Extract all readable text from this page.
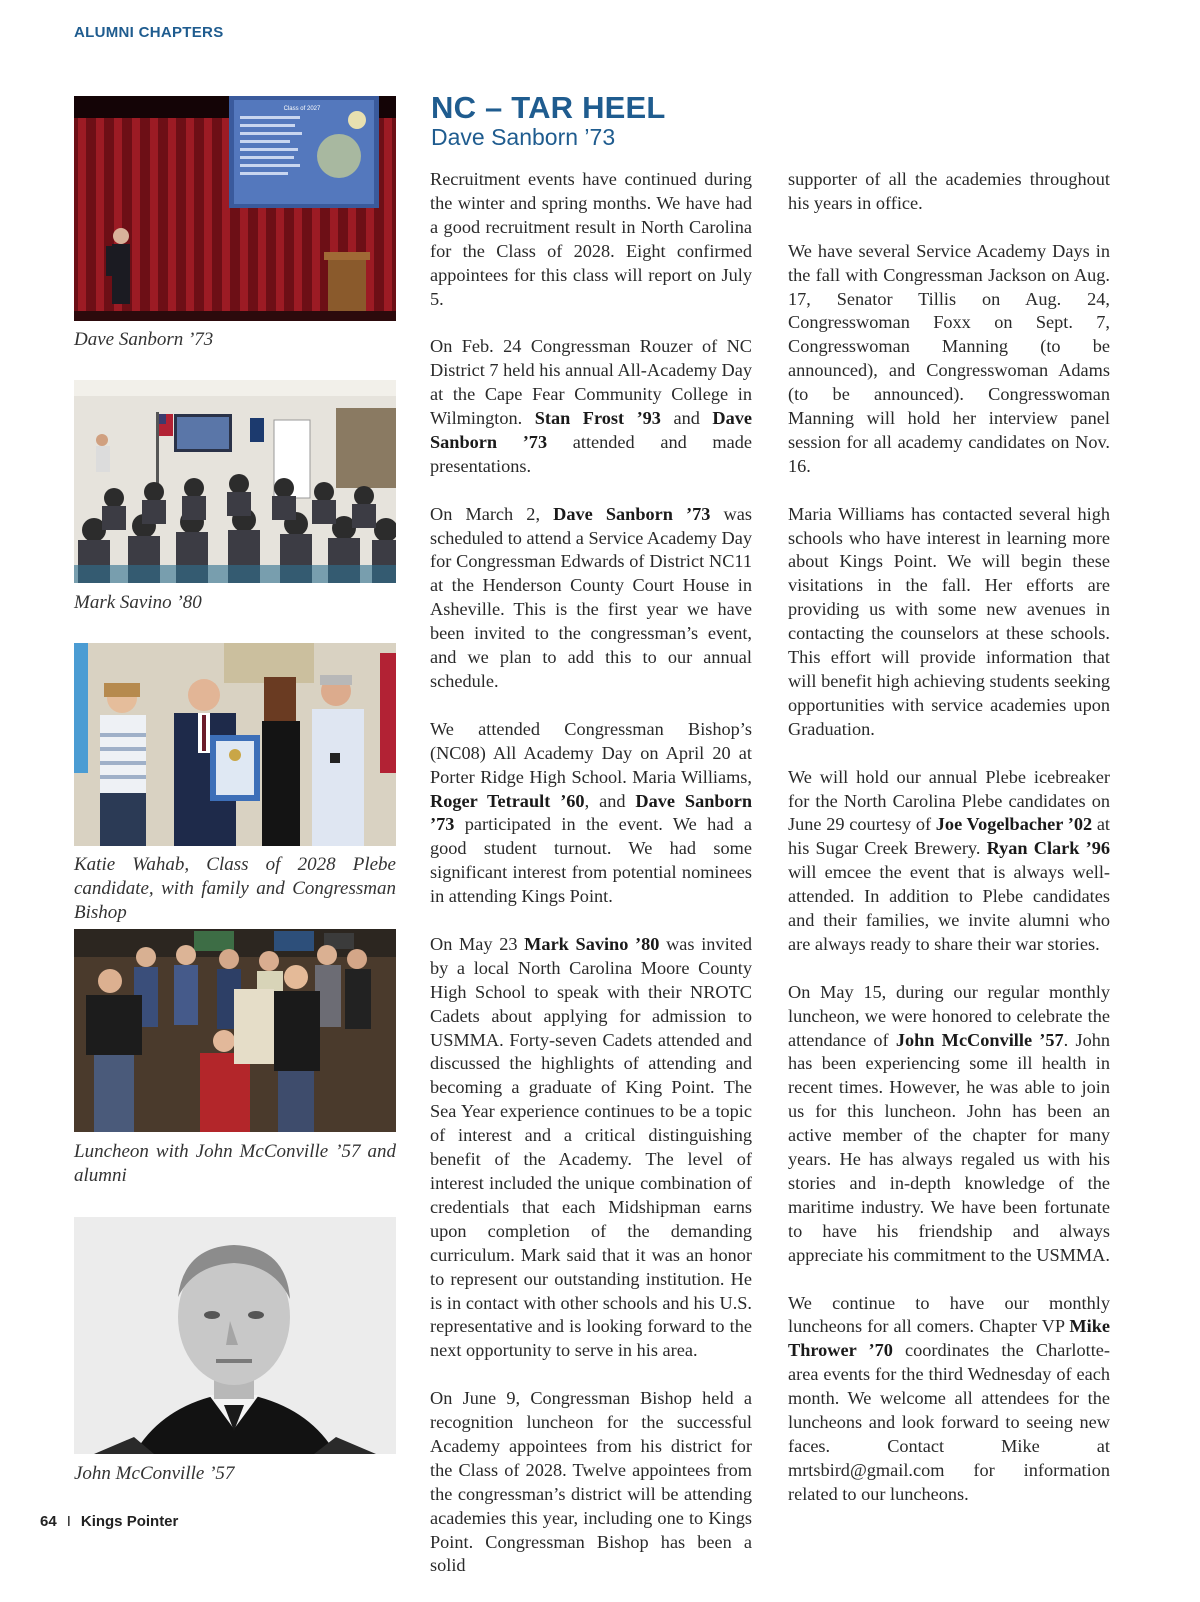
ALUMNI CHAPTERS
Class of 2027
Dave Sanborn ’73
Mark Savino ’80
Katie Wahab, Class of 2028 Plebe candidate, with family and Congressman Bishop
Luncheon with John McConville ’57 and alumni
John McConville ’57
NC – TAR HEEL
Dave Sanborn ’73

Recruitment events have continued during the winter and spring months. We have had a good recruitment result in North Carolina for the Class of 2028. Eight confirmed appointees for this class will report on July 5.

On Feb. 24 Congressman Rouzer of NC District 7 held his annual All-Academy Day at the Cape Fear Community College in Wilmington. Stan Frost ’93 and Dave Sanborn ’73 attended and made presentations.

On March 2, Dave Sanborn ’73 was scheduled to attend a Service Academy Day for Congressman Edwards of District NC11 at the Henderson County Court House in Asheville. This is the first year we have been invited to the congressman’s event, and we plan to add this to our annual schedule.

We attended Congressman Bishop’s (NC08) All Academy Day on April 20 at Porter Ridge High School. Maria Williams, Roger Tetrault ’60, and Dave Sanborn ’73 participated in the event. We had a good student turnout. We had some significant interest from potential nominees in attending Kings Point.

On May 23 Mark Savino ’80 was invited by a local North Carolina Moore County High School to speak with their NROTC Cadets about applying for admission to USMMA. Forty-seven Cadets attended and discussed the highlights of attending and becoming a graduate of King Point. The Sea Year experience continues to be a topic of interest and a critical distinguishing benefit of the Academy. The level of interest included the unique combination of credentials that each Midshipman earns upon completion of the demanding curriculum. Mark said that it was an honor to represent our outstanding institution. He is in contact with other schools and his U.S. representative and is looking forward to the next opportunity to serve in his area.

On June 9, Congressman Bishop held a recognition luncheon for the successful Academy appointees from his district for the Class of 2028. Twelve appointees from the congressman’s district will be attending academies this year, including one to Kings Point. Congressman Bishop has been a solid

supporter of all the academies throughout his years in office.

We have several Service Academy Days in the fall with Congressman Jackson on Aug. 17, Senator Tillis on Aug. 24, Congresswoman Foxx on Sept. 7, Congresswoman Manning (to be announced), and Congresswoman Adams (to be announced). Congresswoman Manning will hold her interview panel session for all academy candidates on Nov. 16.

Maria Williams has contacted several high schools who have interest in learning more about Kings Point. We will begin these visitations in the fall. Her efforts are providing us with some new avenues in contacting the counselors at these schools. This effort will provide information that will benefit high achieving students seeking opportunities with service academies upon Graduation.

We will hold our annual Plebe icebreaker for the North Carolina Plebe candidates on June 29 courtesy of Joe Vogelbacher ’02 at his Sugar Creek Brewery. Ryan Clark ’96 will emcee the event that is always well-attended. In addition to Plebe candidates and their families, we invite alumni who are always ready to share their war stories.

On May 15, during our regular monthly luncheon, we were honored to celebrate the attendance of John McConville ’57. John has been experiencing some ill health in recent times. However, he was able to join us for this luncheon. John has been an active member of the chapter for many years. He has always regaled us with his stories and in-depth knowledge of the maritime industry. We have been fortunate to have his friendship and always appreciate his commitment to the USMMA.

We continue to have our monthly luncheons for all comers. Chapter VP Mike Thrower ’70 coordinates the Charlotte-area events for the third Wednesday of each month. We welcome all attendees for the luncheons and look forward to seeing new faces. Contact Mike at mrtsbird@gmail.com for information related to our luncheons.

64 I Kings Pointer
